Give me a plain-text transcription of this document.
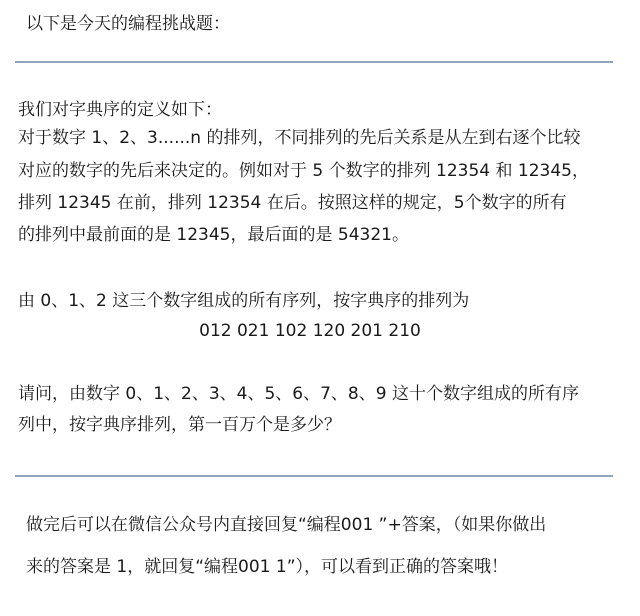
以下是今天的编程挑战题：
我们对字典序的定义如下：
对于数字 1、2、3......n 的排列，不同排列的先后关系是从左到右逐个比较
对应的数字的先后来决定的。例如对于 5 个数字的排列 12354 和 12345，
排列 12345 在前，排列 12354 在后。按照这样的规定，5个数字的所有
的排列中最前面的是 12345，最后面的是 54321。
由 0、1、2 这三个数字组成的所有序列，按字典序的排列为
012 021 102 120 201 210
请问，由数字 0、1、2、3、4、5、6、7、8、9 这十个数字组成的所有序
列中，按字典序排列，第一百万个是多少？
做完后可以在微信公众号内直接回复“编程001 ”+答案，（如果你做出
来的答案是 1，就回复“编程001 1”），可以看到正确的答案哦！
